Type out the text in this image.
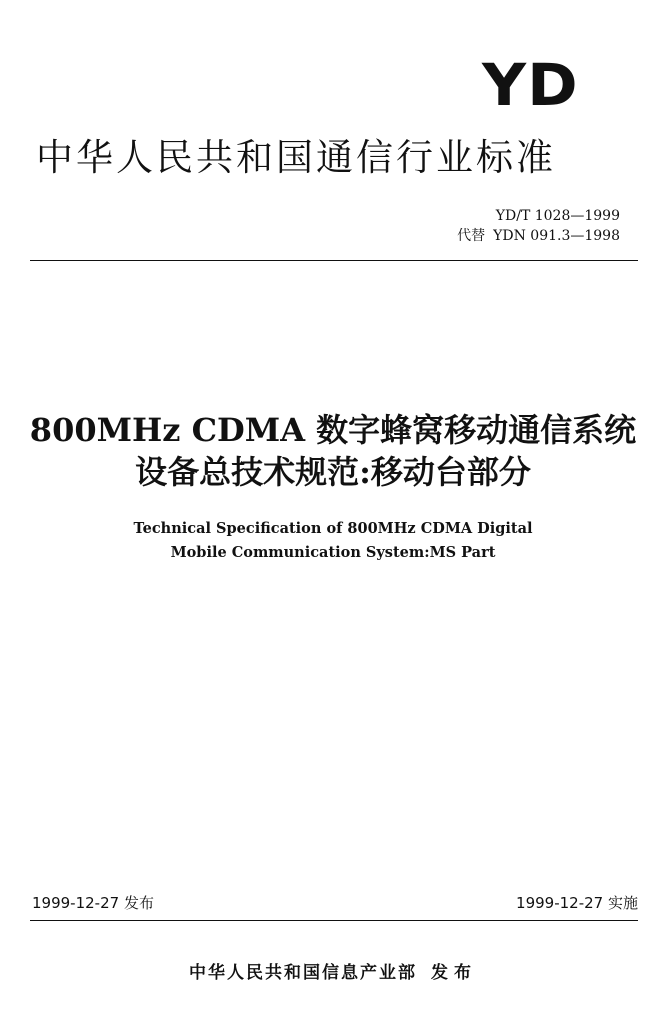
YD
中华人民共和国通信行业标准
YD/T 1028—1999
代替 YDN 091.3—1998
800MHz CDMA 数字蜂窝移动通信系统
设备总技术规范:移动台部分
Technical Specification of 800MHz CDMA Digital
Mobile Communication System:MS Part
1999-12-27 发布	1999-12-27 实施
中华人民共和国信息产业部 发布
